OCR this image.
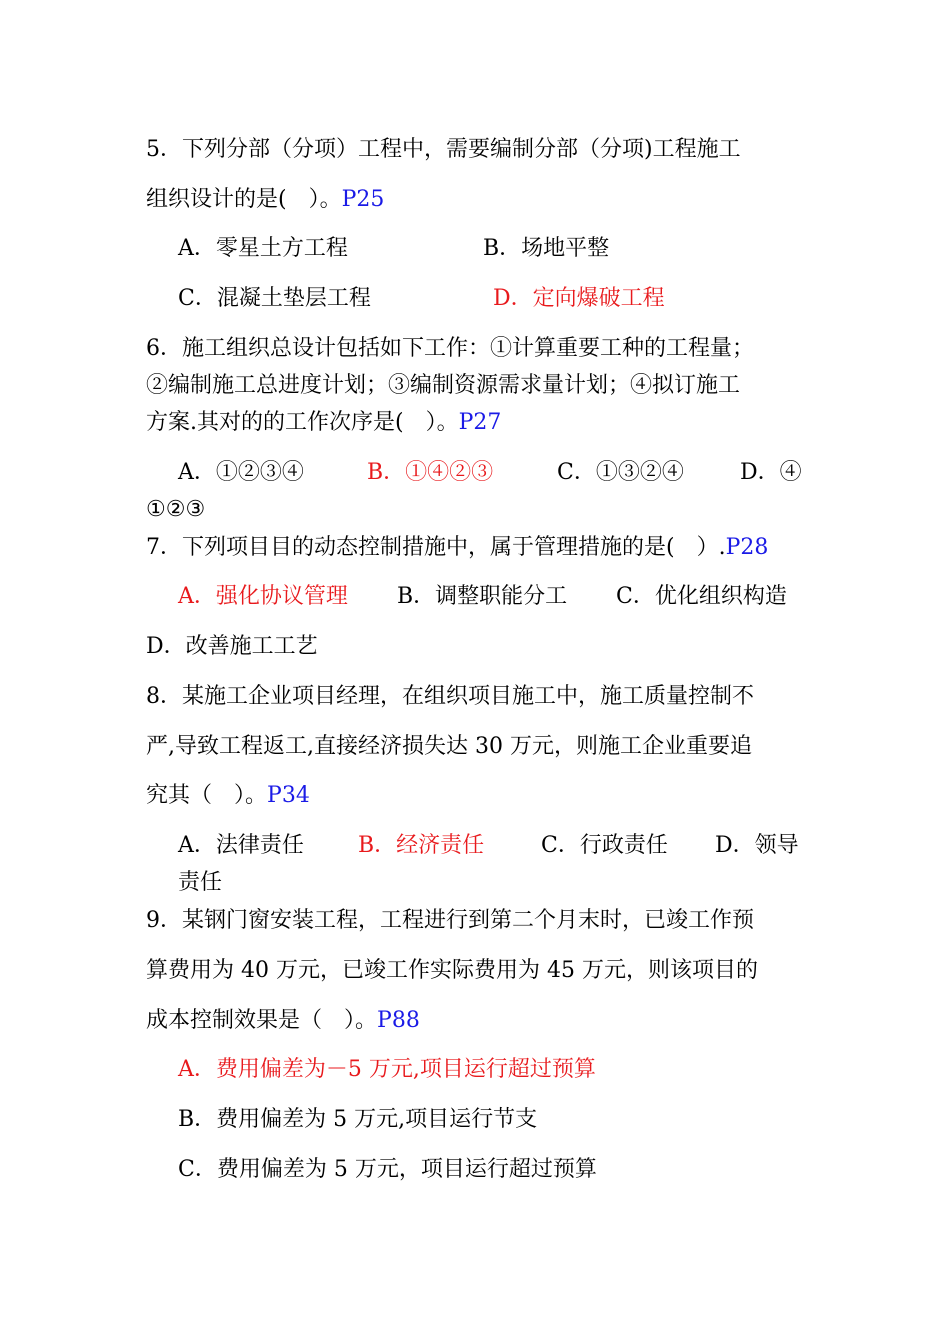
5．下列分部（分项）工程中，需要编制分部（分项)工程施工
组织设计的是(　）。P25
A．零星土方工程	B．场地平整
C．混凝土垫层工程	D．定向爆破工程
6．施工组织总设计包括如下工作：①计算重要工种的工程量；
②编制施工总进度计划；③编制资源需求量计划；④拟订施工
方案.其对的的工作次序是(　）。P27
A．①②③④	B．①④②③	C．①③②④	D．④
①②③
7．下列项目目的动态控制措施中，属于管理措施的是(　）.P28
A．强化协议管理 B．调整职能分工 C．优化组织构造
D．改善施工工艺
8．某施工企业项目经理，在组织项目施工中，施工质量控制不
严,导致工程返工,直接经济损失达 30 万元，则施工企业重要追
究其（　）。P34
A．法律责任 B．经济责任	C．行政责任 D．领导
责任
9．某钢门窗安装工程，工程进行到第二个月末时，已竣工作预
算费用为 40 万元，已竣工作实际费用为 45 万元，则该项目的
成本控制效果是（　）。P88
A．费用偏差为－5 万元,项目运行超过预算
B．费用偏差为 5 万元,项目运行节支
C．费用偏差为 5 万元，项目运行超过预算
